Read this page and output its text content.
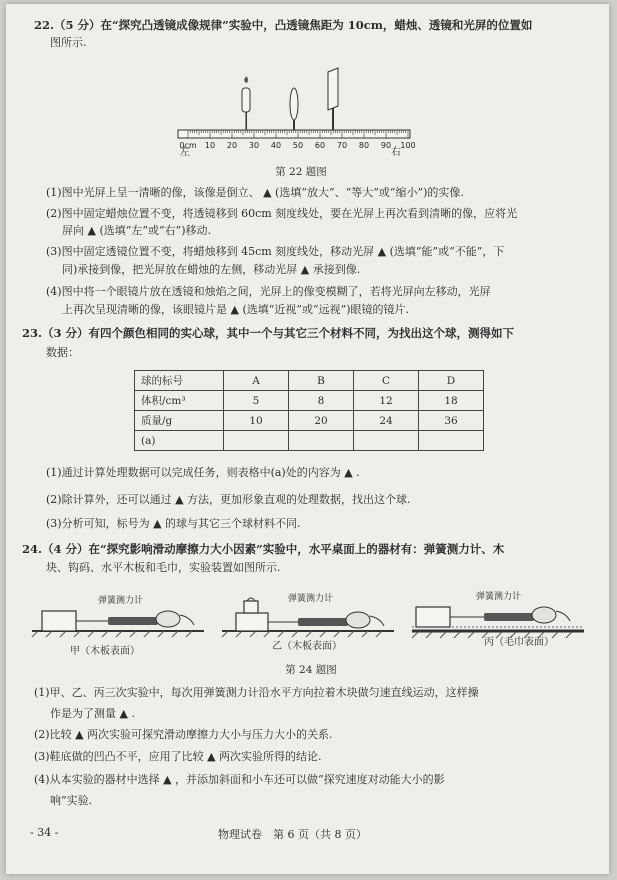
22.（5 分）在“探究凸透镜成像规律”实验中，凸透镜焦距为 10cm，蜡烛、透镜和光屏的位置如
图所示.
0cm 10 20 30 40 50 60 70 80 90 100
左	右
第 22 题图
(1)图中光屏上呈一清晰的像，该像是倒立、 ▲ (选填“放大”、“等大”或“缩小”)的实像.
(2)图中固定蜡烛位置不变，将透镜移到 60cm 刻度线处，要在光屏上再次看到清晰的像，应将光
屏向 ▲ (选填“左”或“右”)移动.
(3)图中固定透镜位置不变，将蜡烛移到 45cm 刻度线处，移动光屏 ▲ (选填“能”或“不能”，下
同)承接到像，把光屏放在蜡烛的左侧，移动光屏 ▲ 承接到像.
(4)图中将一个眼镜片放在透镜和烛焰之间，光屏上的像变模糊了，若将光屏向左移动，光屏
上再次呈现清晰的像，该眼镜片是 ▲ (选填“近视”或“远视”)眼镜的镜片.
23.（3 分）有四个颜色相同的实心球，其中一个与其它三个材料不同，为找出这个球，测得如下
数据：
球的标号	A	B	C	D
体积/cm³	5	8	12	18
质量/g	10	20	24	36
(a)				
(1)通过计算处理数据可以完成任务，则表格中(a)处的内容为 ▲ .
(2)除计算外，还可以通过 ▲ 方法，更加形象直观的处理数据，找出这个球.
(3)分析可知，标号为 ▲ 的球与其它三个球材料不同.
24.（4 分）在“探究影响滑动摩擦力大小因素”实验中，水平桌面上的器材有：弹簧测力计、木
块、钩码、水平木板和毛巾，实验装置如图所示.
弹簧测力计	弹簧测力计	弹簧测力计
甲（木板表面）	乙（木板表面）	丙（毛巾表面）
第 24 题图
(1)甲、乙、丙三次实验中，每次用弹簧测力计沿水平方向拉着木块做匀速直线运动，这样操
作是为了测量 ▲ .
(2)比较 ▲ 两次实验可探究滑动摩擦力大小与压力大小的关系.
(3)鞋底做的凹凸不平，应用了比较 ▲ 两次实验所得的结论.
(4)从本实验的器材中选择 ▲ ，并添加斜面和小车还可以做“探究速度对动能大小的影
响”实验.
- 34 -	物理试卷　第 6 页（共 8 页）
